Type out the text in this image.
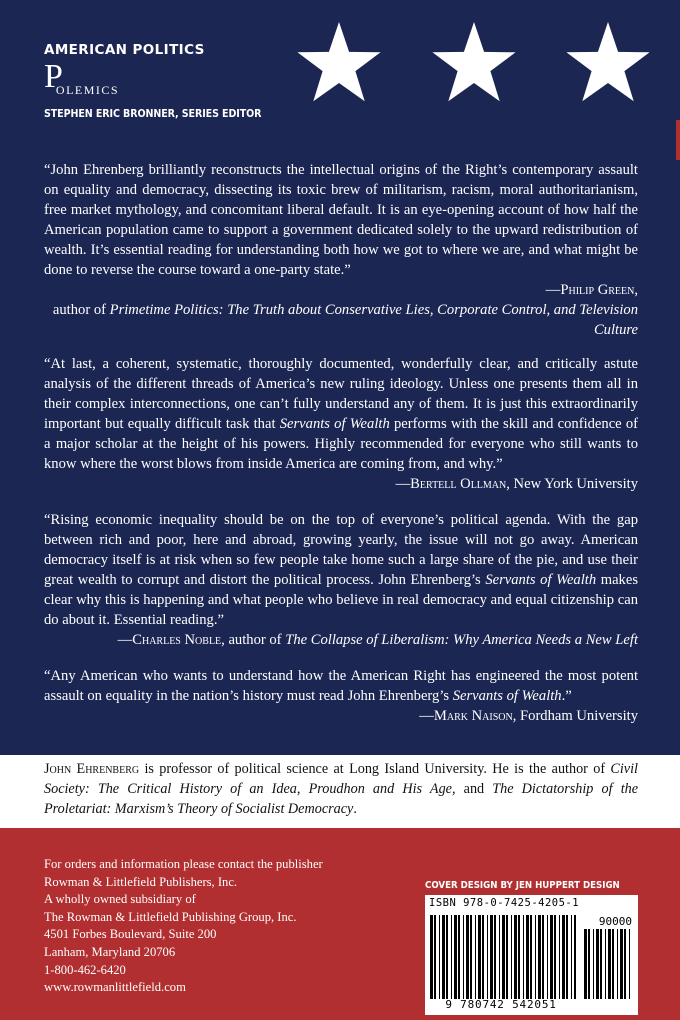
AMERICAN POLITICS
POLEMICS
STEPHEN ERIC BRONNER, SERIES EDITOR

“John Ehrenberg brilliantly reconstructs the intellectual origins of the Right’s contemporary assault on equality and democracy, dissecting its toxic brew of militarism, racism, moral authoritarianism, free market mythology, and concomitant liberal default. It is an eye-opening account of how half the American population came to support a government dedicated solely to the upward redistribution of wealth. It’s essential reading for understanding both how we got to where we are, and what might be done to reverse the course toward a one-party state.”

—Philip Green,

author of Primetime Politics: The Truth about Conservative Lies, Corporate Control, and Television Culture

“At last, a coherent, systematic, thoroughly documented, wonderfully clear, and critically astute analysis of the different threads of America’s new ruling ideology. Unless one presents them all in their complex interconnections, one can’t fully understand any of them. It is just this extraordinarily important but equally difficult task that Servants of Wealth performs with the skill and confidence of a major scholar at the height of his powers. Highly recommended for everyone who still wants to know where the worst blows from inside America are coming from, and why.”

—Bertell Ollman, New York University

“Rising economic inequality should be on the top of everyone’s political agenda. With the gap between rich and poor, here and abroad, growing yearly, the issue will not go away. American democracy itself is at risk when so few people take home such a large share of the pie, and use their great wealth to corrupt and distort the political process. John Ehrenberg’s Servants of Wealth makes clear why this is happening and what people who believe in real democracy and equal citizenship can do about it. Essential reading.”

—Charles Noble, author of The Collapse of Liberalism: Why America Needs a New Left

“Any American who wants to understand how the American Right has engineered the most potent assault on equality in the nation’s history must read John Ehrenberg’s Servants of Wealth.”

—Mark Naison, Fordham University

John Ehrenberg is professor of political science at Long Island University. He is the author of Civil Society: The Critical History of an Idea, Proudhon and His Age, and The Dictatorship of the Proletariat: Marxism’s Theory of Socialist Democracy.

For orders and information please contact the publisher
Rowman & Littlefield Publishers, Inc.
A wholly owned subsidiary of
The Rowman & Littlefield Publishing Group, Inc.
4501 Forbes Boulevard, Suite 200
Lanham, Maryland 20706
1-800-462-6420
www.rowmanlittlefield.com
COVER DESIGN BY JEN HUPPERT DESIGN
ISBN 978-0-7425-4205-1
90000
9 780742 542051
